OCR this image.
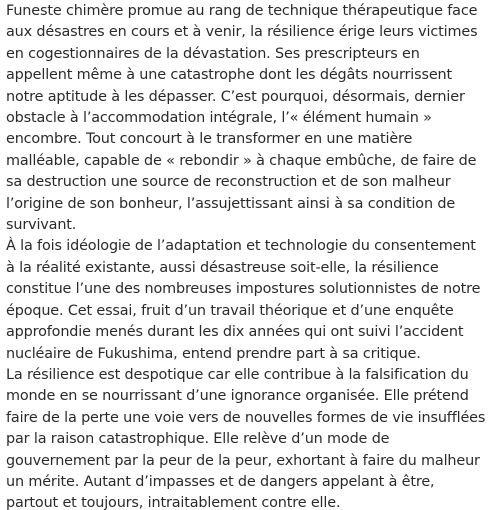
Funeste chimère promue au rang de technique thérapeutique face aux désastres en cours et à venir, la résilience érige leurs victimes en cogestionnaires de la dévastation. Ses prescripteurs en appellent même à une catastrophe dont les dégâts nourrissent notre aptitude à les dépasser. C’est pourquoi, désormais, dernier obstacle à l’accommodation intégrale, l’« élément humain » encombre. Tout concourt à le transformer en une matière malléable, capable de « rebondir » à chaque embûche, de faire de sa destruction une source de reconstruction et de son malheur l’origine de son bonheur, l’assujettissant ainsi à sa condition de survivant.

À la fois idéologie de l’adaptation et technologie du consentement à la réalité existante, aussi désastreuse soit-elle, la résilience constitue l’une des nombreuses impostures solutionnistes de notre époque. Cet essai, fruit d’un travail théorique et d’une enquête approfondie menés durant les dix années qui ont suivi l’accident nucléaire de Fukushima, entend prendre part à sa critique.

La résilience est despotique car elle contribue à la falsification du monde en se nourrissant d’une ignorance organisée. Elle prétend faire de la perte une voie vers de nouvelles formes de vie insufflées par la raison catastrophique. Elle relève d’un mode de gouvernement par la peur de la peur, exhortant à faire du malheur un mérite. Autant d’impasses et de dangers appelant à être, partout et toujours, intraitablement contre elle.
